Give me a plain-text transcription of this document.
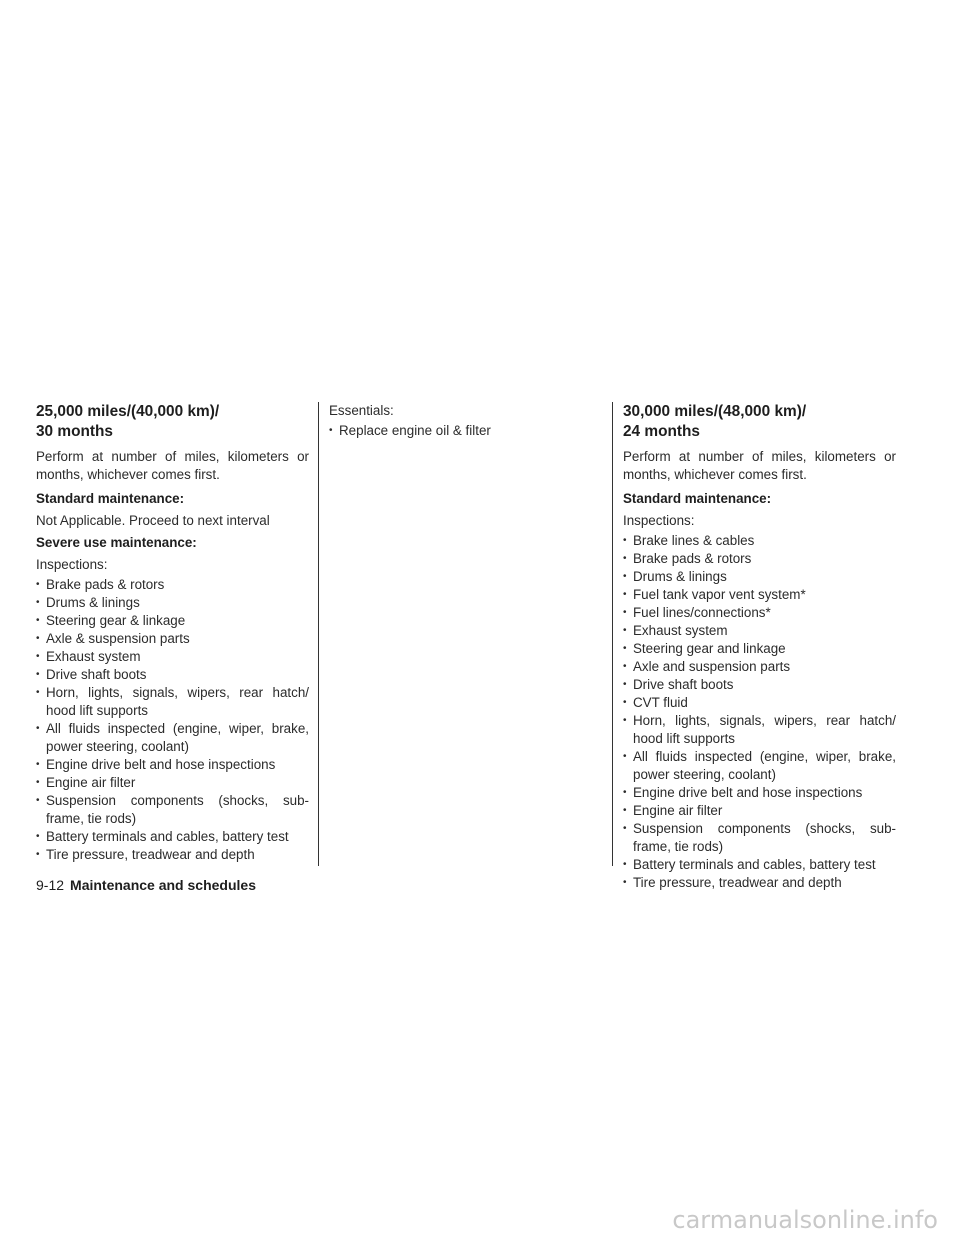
25,000 miles/(40,000 km)/
30 months

Perform at number of miles, kilometers or months, whichever comes first.

Standard maintenance:
Not Applicable. Proceed to next interval
Severe use maintenance:
Inspections:
• Brake pads & rotors
• Drums & linings
• Steering gear & linkage
• Axle & suspension parts
• Exhaust system
• Drive shaft boots
• Horn, lights, signals, wipers, rear hatch/ hood lift supports
• All fluids inspected (engine, wiper, brake, power steering, coolant)
• Engine drive belt and hose inspections
• Engine air filter
• Suspension components (shocks, sub-frame, tie rods)
• Battery terminals and cables, battery test
• Tire pressure, treadwear and depth
Essentials:
• Replace engine oil & filter
30,000 miles/(48,000 km)/
24 months

Perform at number of miles, kilometers or months, whichever comes first.

Standard maintenance:
Inspections:
• Brake lines & cables
• Brake pads & rotors
• Drums & linings
• Fuel tank vapor vent system*
• Fuel lines/connections*
• Exhaust system
• Steering gear and linkage
• Axle and suspension parts
• Drive shaft boots
• CVT fluid
• Horn, lights, signals, wipers, rear hatch/ hood lift supports
• All fluids inspected (engine, wiper, brake, power steering, coolant)
• Engine drive belt and hose inspections
• Engine air filter
• Suspension components (shocks, sub-frame, tie rods)
• Battery terminals and cables, battery test
• Tire pressure, treadwear and depth
9-12 Maintenance and schedules
carmanualsonline.info
